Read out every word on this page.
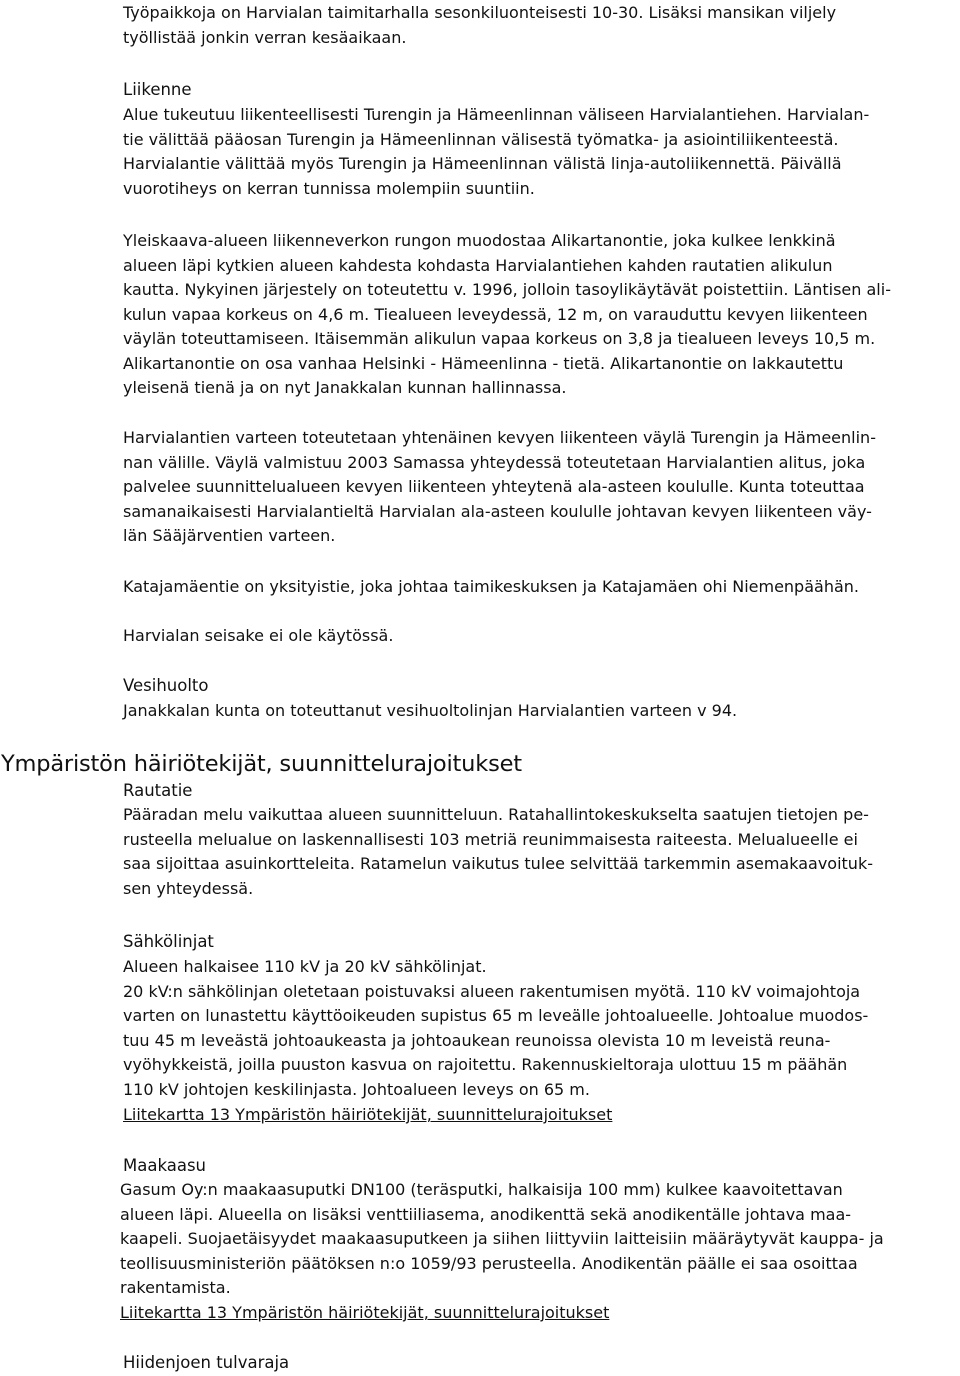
Työpaikkoja on Harvialan taimitarhalla sesonkiluonteisesti 10-30. Lisäksi mansikan viljely
työllistää jonkin verran kesäaikaan.
Liikenne
Alue tukeutuu liikenteellisesti Turengin ja Hämeenlinnan väliseen Harvialantiehen. Harvialan-
tie välittää pääosan Turengin ja Hämeenlinnan välisestä työmatka- ja asiointiliikenteestä.
Harvialantie välittää myös Turengin ja Hämeenlinnan välistä linja-autoliikennettä. Päivällä
vuorotiheys on kerran tunnissa molempiin suuntiin.
Yleiskaava-alueen liikenneverkon rungon muodostaa Alikartanontie, joka kulkee lenkkinä
alueen läpi kytkien alueen kahdesta kohdasta Harvialantiehen kahden rautatien alikulun
kautta. Nykyinen järjestely on toteutettu v. 1996, jolloin tasoylikäytävät poistettiin. Läntisen ali-
kulun vapaa korkeus on 4,6 m. Tiealueen leveydessä, 12 m, on varauduttu kevyen liikenteen
väylän toteuttamiseen. Itäisemmän alikulun vapaa korkeus on 3,8 ja tiealueen leveys 10,5 m.
Alikartanontie on osa vanhaa Helsinki - Hämeenlinna - tietä. Alikartanontie on lakkautettu
yleisenä tienä ja on nyt Janakkalan kunnan hallinnassa.
Harvialantien varteen toteutetaan yhtenäinen kevyen liikenteen väylä Turengin ja Hämeenlin-
nan välille. Väylä valmistuu 2003 Samassa yhteydessä toteutetaan Harvialantien alitus, joka
palvelee suunnittelualueen kevyen liikenteen yhteytenä ala-asteen koululle. Kunta toteuttaa
samanaikaisesti Harvialantieltä Harvialan ala-asteen koululle johtavan kevyen liikenteen väy-
län Sääjärventien varteen.
Katajamäentie on yksityistie, joka johtaa taimikeskuksen ja Katajamäen ohi Niemenpäähän.
Harvialan seisake ei ole käytössä.
Vesihuolto
Janakkalan kunta on toteuttanut vesihuoltolinjan Harvialantien varteen v 94.
Ympäristön häiriötekijät, suunnittelurajoitukset
Rautatie
Pääradan melu vaikuttaa alueen suunnitteluun. Ratahallintokeskukselta saatujen tietojen pe-
rusteella melualue on laskennallisesti 103 metriä reunimmaisesta raiteesta. Melualueelle ei
saa sijoittaa asuinkortteleita. Ratamelun vaikutus tulee selvittää tarkemmin asemakaavoituk-
sen yhteydessä.
Sähkölinjat
Alueen halkaisee 110 kV ja 20 kV sähkölinjat.
20 kV:n sähkölinjan oletetaan poistuvaksi alueen rakentumisen myötä. 110 kV voimajohtoja
varten on lunastettu käyttöoikeuden supistus 65 m leveälle johtoalueelle. Johtoalue muodos-
tuu 45 m leveästä johtoaukeasta ja johtoaukean reunoissa olevista 10 m leveistä reuna-
vyöhykkeistä, joilla puuston kasvua on rajoitettu. Rakennuskieltoraja ulottuu 15 m päähän
110 kV johtojen keskilinjasta. Johtoalueen leveys on 65 m.
Liitekartta 13 Ympäristön häiriötekijät, suunnittelurajoitukset
Maakaasu
Gasum Oy:n maakaasuputki DN100 (teräsputki, halkaisija 100 mm) kulkee kaavoitettavan
alueen läpi. Alueella on lisäksi venttiiliasema, anodikenttä sekä anodikentälle johtava maa-
kaapeli. Suojaetäisyydet maakaasuputkeen ja siihen liittyviin laitteisiin määräytyvät kauppa- ja
teollisuusministeriön päätöksen n:o 1059/93 perusteella. Anodikentän päälle ei saa osoittaa
rakentamista.
Liitekartta 13 Ympäristön häiriötekijät, suunnittelurajoitukset
Hiidenjoen tulvaraja
